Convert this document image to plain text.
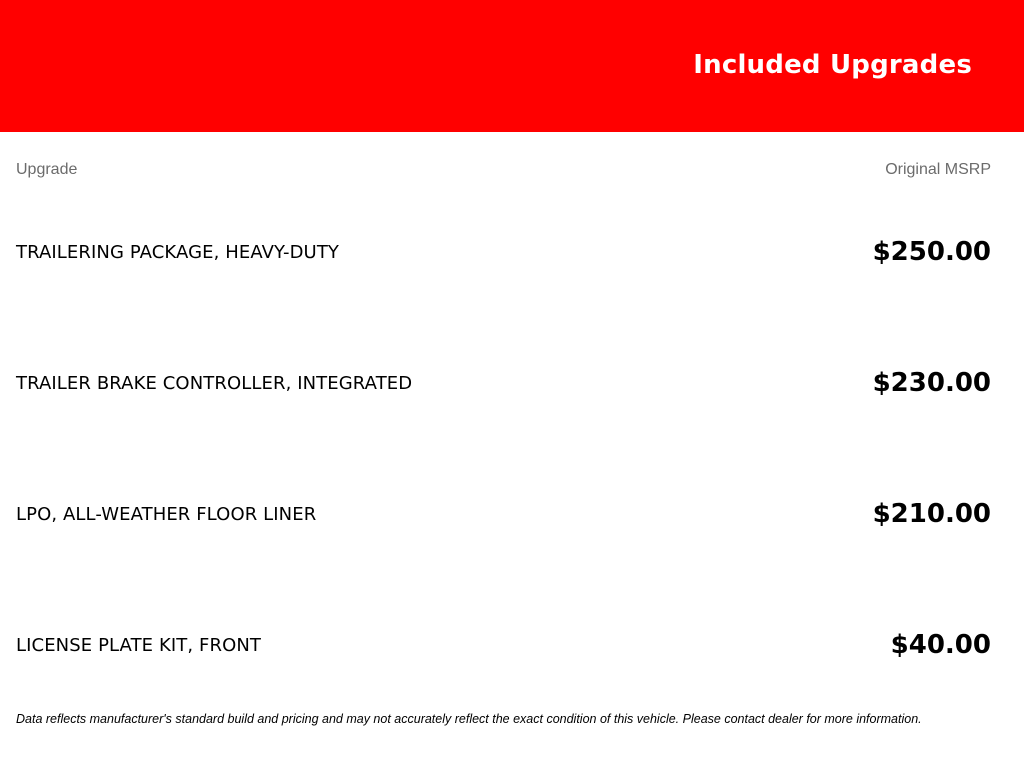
Included Upgrades
Upgrade	Original MSRP
TRAILERING PACKAGE, HEAVY-DUTY	$250.00
TRAILER BRAKE CONTROLLER, INTEGRATED	$230.00
LPO, ALL-WEATHER FLOOR LINER	$210.00
LICENSE PLATE KIT, FRONT	$40.00
Data reflects manufacturer's standard build and pricing and may not accurately reflect the exact condition of this vehicle. Please contact dealer for more information.
